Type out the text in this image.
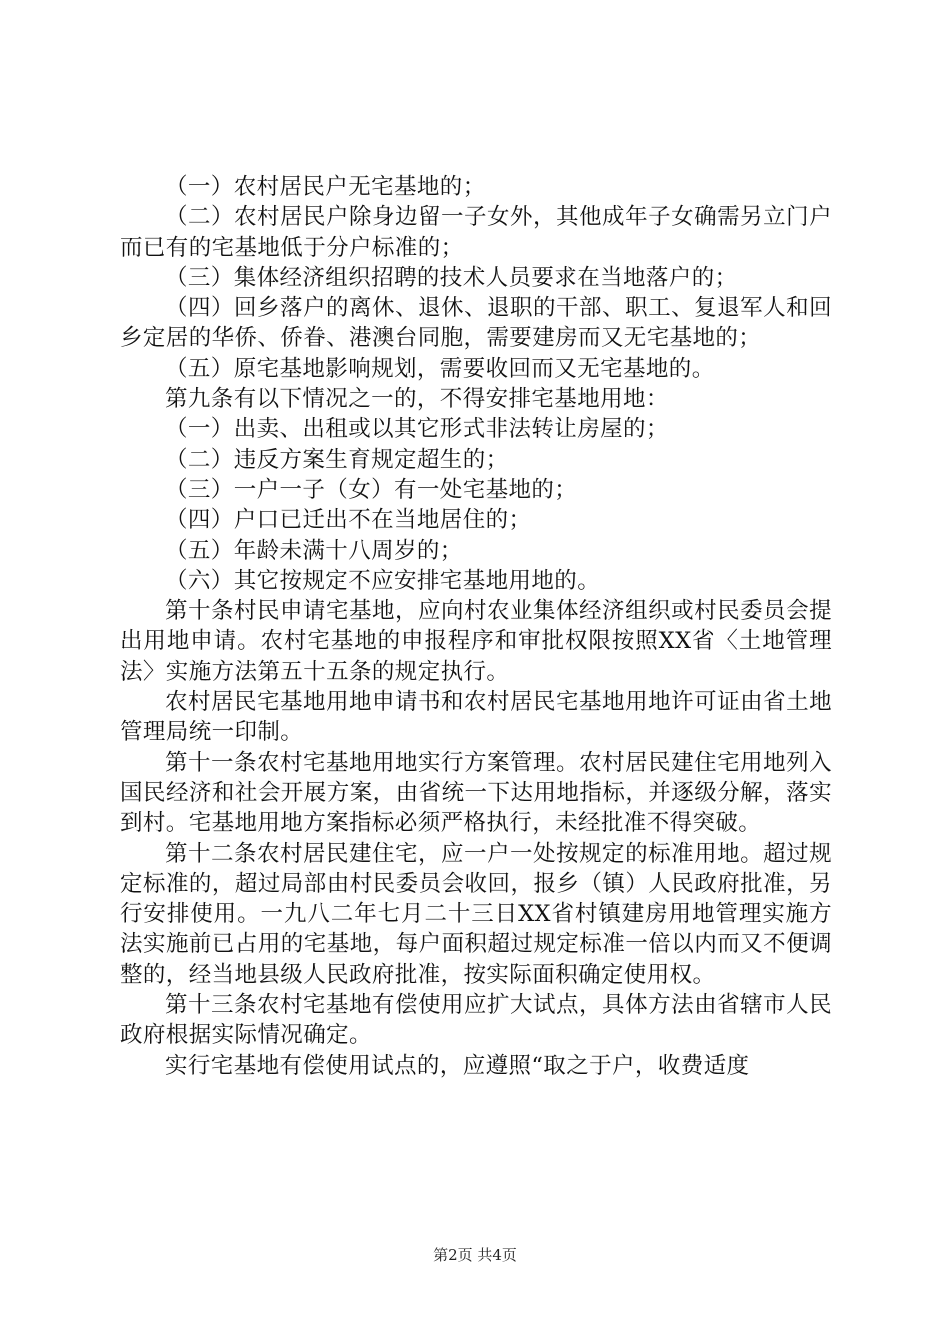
（一）农村居民户无宅基地的；

（二）农村居民户除身边留一子女外，其他成年子女确需另立门户而已有的宅基地低于分户标准的；

（三）集体经济组织招聘的技术人员要求在当地落户的；

（四）回乡落户的离休、退休、退职的干部、职工、复退军人和回乡定居的华侨、侨眷、港澳台同胞，需要建房而又无宅基地的；

（五）原宅基地影响规划，需要收回而又无宅基地的。

第九条有以下情况之一的，不得安排宅基地用地：

（一）出卖、出租或以其它形式非法转让房屋的；

（二）违反方案生育规定超生的；

（三）一户一子（女）有一处宅基地的；

（四）户口已迁出不在当地居住的；

（五）年龄未满十八周岁的；

（六）其它按规定不应安排宅基地用地的。

第十条村民申请宅基地，应向村农业集体经济组织或村民委员会提出用地申请。农村宅基地的申报程序和审批权限按照XX省〈土地管理法〉实施方法第五十五条的规定执行。

农村居民宅基地用地申请书和农村居民宅基地用地许可证由省土地管理局统一印制。

第十一条农村宅基地用地实行方案管理。农村居民建住宅用地列入国民经济和社会开展方案，由省统一下达用地指标，并逐级分解，落实到村。宅基地用地方案指标必须严格执行，未经批准不得突破。

第十二条农村居民建住宅，应一户一处按规定的标准用地。超过规定标准的，超过局部由村民委员会收回，报乡（镇）人民政府批准，另行安排使用。一九八二年七月二十三日XX省村镇建房用地管理实施方法实施前已占用的宅基地，每户面积超过规定标准一倍以内而又不便调整的，经当地县级人民政府批准，按实际面积确定使用权。

第十三条农村宅基地有偿使用应扩大试点，具体方法由省辖市人民政府根据实际情况确定。

实行宅基地有偿使用试点的，应遵照“取之于户，收费适度

第2页 共4页
